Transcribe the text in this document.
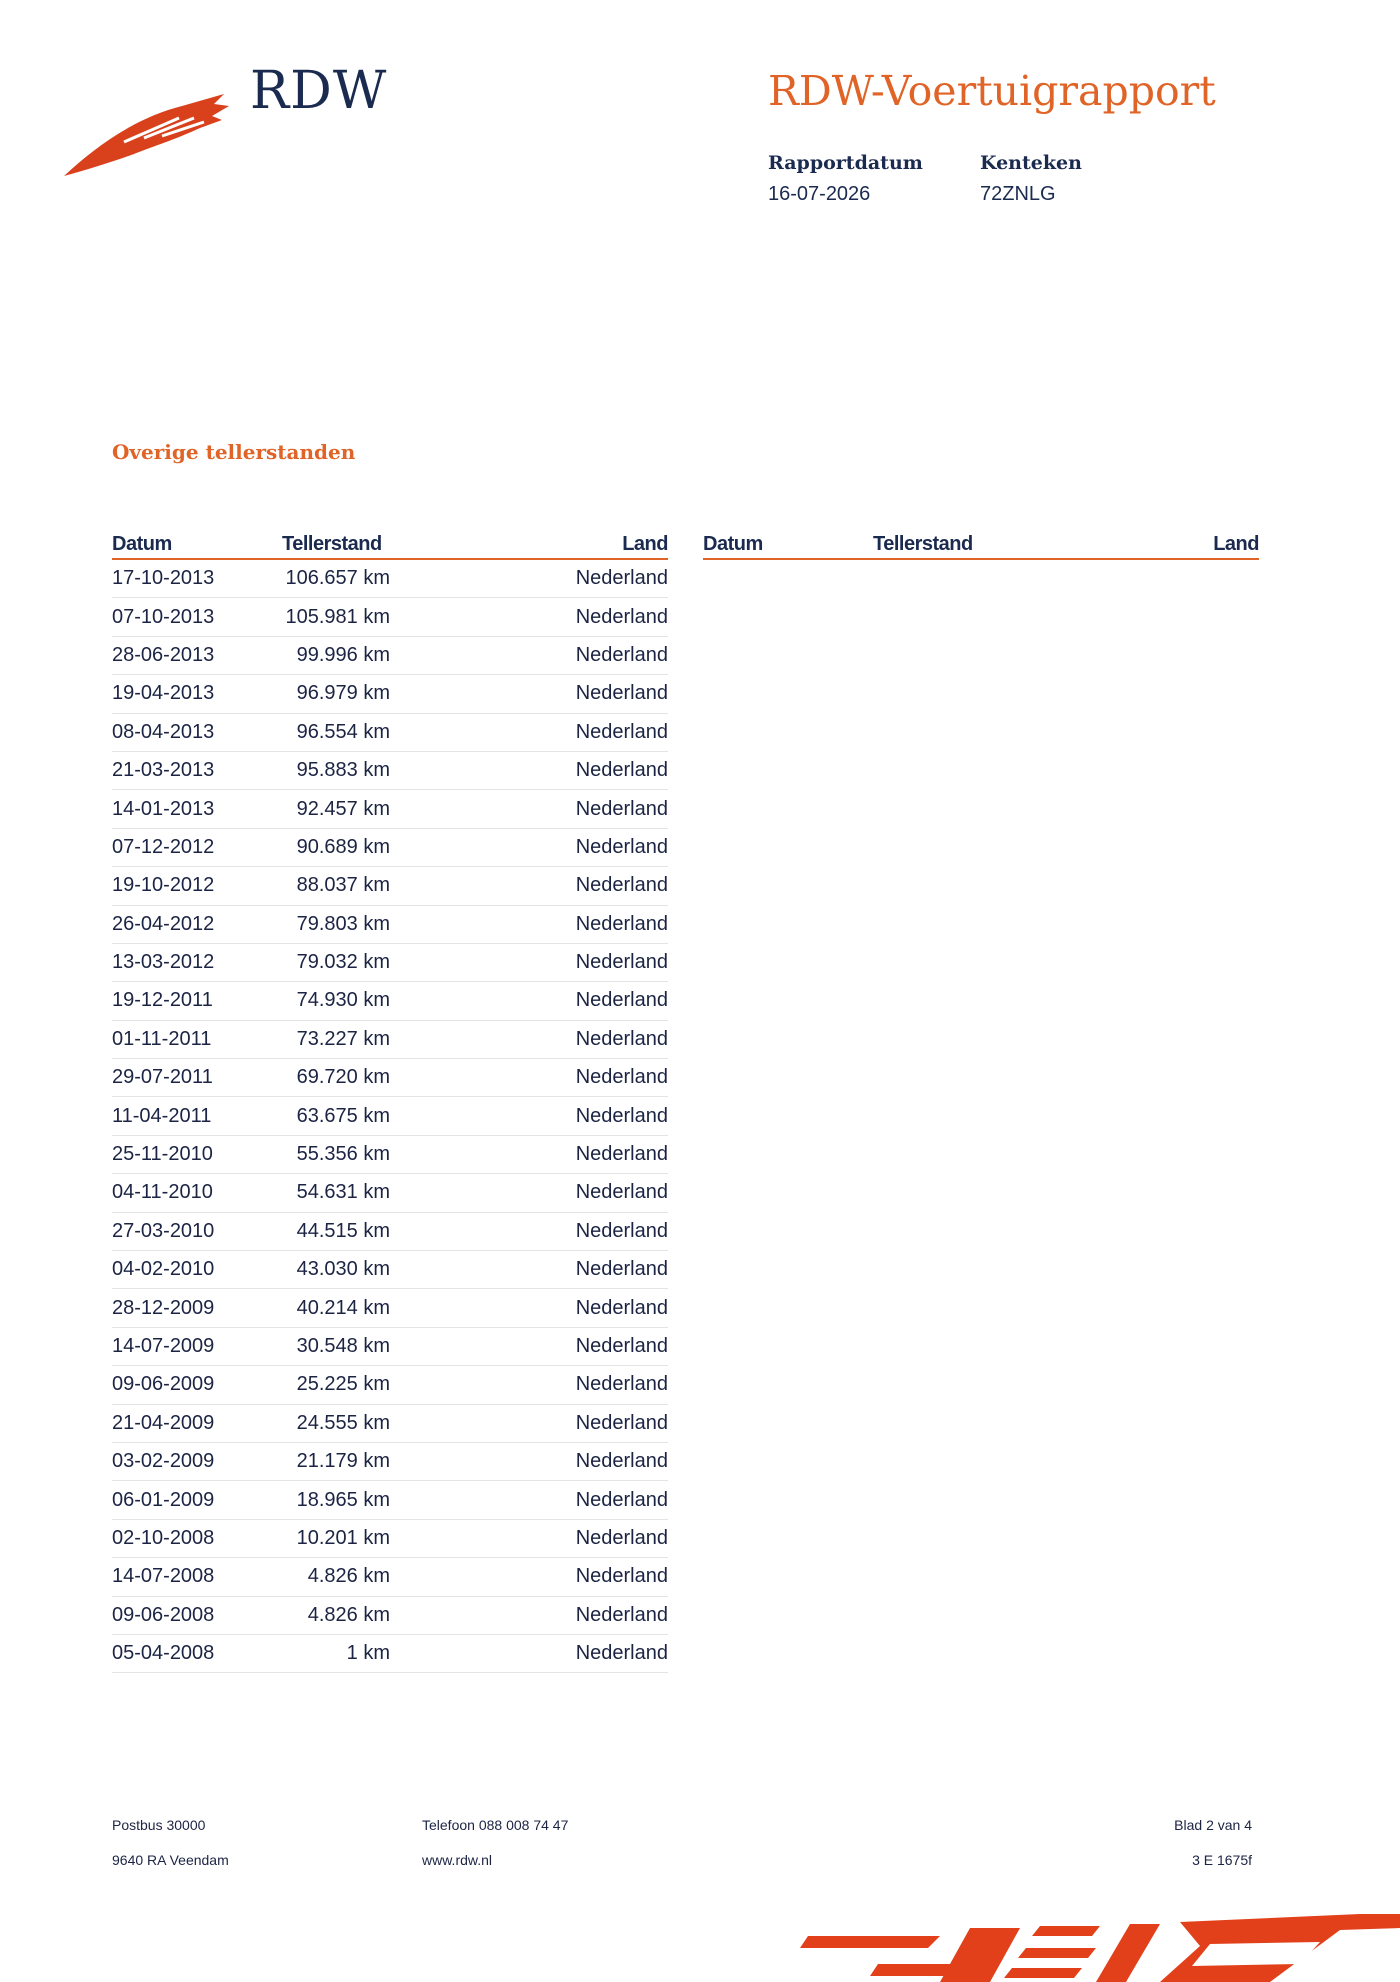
RDW	RDW-Voertuigrapport
Rapportdatum
16-07-2026
Kenteken
72ZNLG
Overige tellerstanden
Datum	Tellerstand	Land
17-10-2013	106.657 km	Nederland
07-10-2013	105.981 km	Nederland
28-06-2013	99.996 km	Nederland
19-04-2013	96.979 km	Nederland
08-04-2013	96.554 km	Nederland
21-03-2013	95.883 km	Nederland
14-01-2013	92.457 km	Nederland
07-12-2012	90.689 km	Nederland
19-10-2012	88.037 km	Nederland
26-04-2012	79.803 km	Nederland
13-03-2012	79.032 km	Nederland
19-12-2011	74.930 km	Nederland
01-11-2011	73.227 km	Nederland
29-07-2011	69.720 km	Nederland
11-04-2011	63.675 km	Nederland
25-11-2010	55.356 km	Nederland
04-11-2010	54.631 km	Nederland
27-03-2010	44.515 km	Nederland
04-02-2010	43.030 km	Nederland
28-12-2009	40.214 km	Nederland
14-07-2009	30.548 km	Nederland
09-06-2009	25.225 km	Nederland
21-04-2009	24.555 km	Nederland
03-02-2009	21.179 km	Nederland
06-01-2009	18.965 km	Nederland
02-10-2008	10.201 km	Nederland
14-07-2008	4.826 km	Nederland
09-06-2008	4.826 km	Nederland
05-04-2008	1 km	Nederland
Datum	Tellerstand	Land
Postbus 30000
9640 RA Veendam
Telefoon 088 008 74 47
www.rdw.nl
Blad 2 van 4
3 E 1675f
